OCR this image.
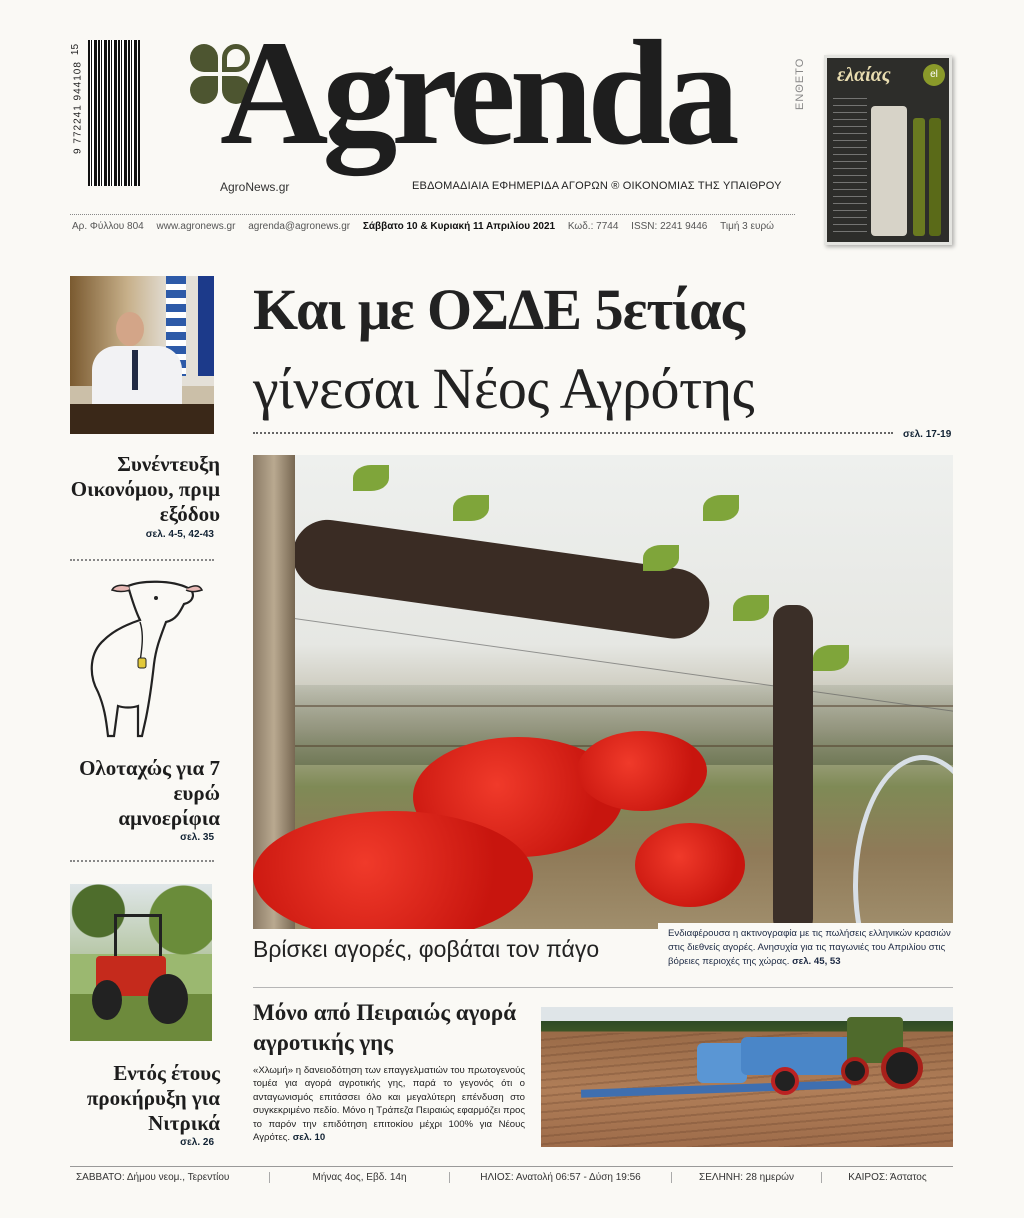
15
9 772241 944108 Agrenda
AgroNews.gr	ΕΒΔΟΜΑΔΙΑΙΑ ΕΦΗΜΕΡΙΔΑ ΑΓΟΡΩΝ ® ΟΙΚΟΝΟΜΙΑΣ ΤΗΣ ΥΠΑΙΘΡΟΥ
Αρ. Φύλλου 804 www.agronews.gr agrenda@agronews.gr Σάββατο 10 & Κυριακή 11 Απριλίου 2021 Κωδ.: 7744 ISSN: 2241 9446 Τιμή 3 ευρώ
ΕΝΘΕΤΟ ελαίας	el
Και με ΟΣΔΕ 5ετίας
γίνεσαι Νέος Αγρότης
σελ. 17-19
Συνέντευξη Οικονόμου, πριμ εξόδου
σελ. 4-5, 42-43
Ολοταχώς για 7 ευρώ αμνοερίφια
σελ. 35
Εντός έτους προκήρυξη για Νιτρικά
σελ. 26
Βρίσκει αγορές, φοβάται τον πάγο
Ενδιαφέρουσα η ακτινογραφία με τις πωλήσεις ελληνικών κρασιών στις διεθνείς αγορές. Ανησυχία για τις παγωνιές του Απριλίου στις βόρειες περιοχές της χώρας. σελ. 45, 53
Μόνο από Πειραιώς αγορά αγροτικής γης
«Χλωμή» η δανειοδότηση των επαγγελματιών του πρωτογενούς τομέα για αγορά αγροτικής γης, παρά το γεγονός ότι ο ανταγωνισμός επιτάσσει όλο και μεγαλύτερη επένδυση στο συγκεκριμένο πεδίο. Μόνο η Τράπεζα Πειραιώς εφαρμόζει προς το παρόν την επιδότηση επιτοκίου μέχρι 100% για Νέους Αγρότες. σελ. 10
ΣΑΒΒΑΤΟ: Δήμου νεομ., Τερεντίου	Μήνας 4ος, Εβδ. 14η	ΗΛΙΟΣ: Ανατολή 06:57 - Δύση 19:56	ΣΕΛΗΝΗ: 28 ημερών	ΚΑΙΡΟΣ: Άστατος
